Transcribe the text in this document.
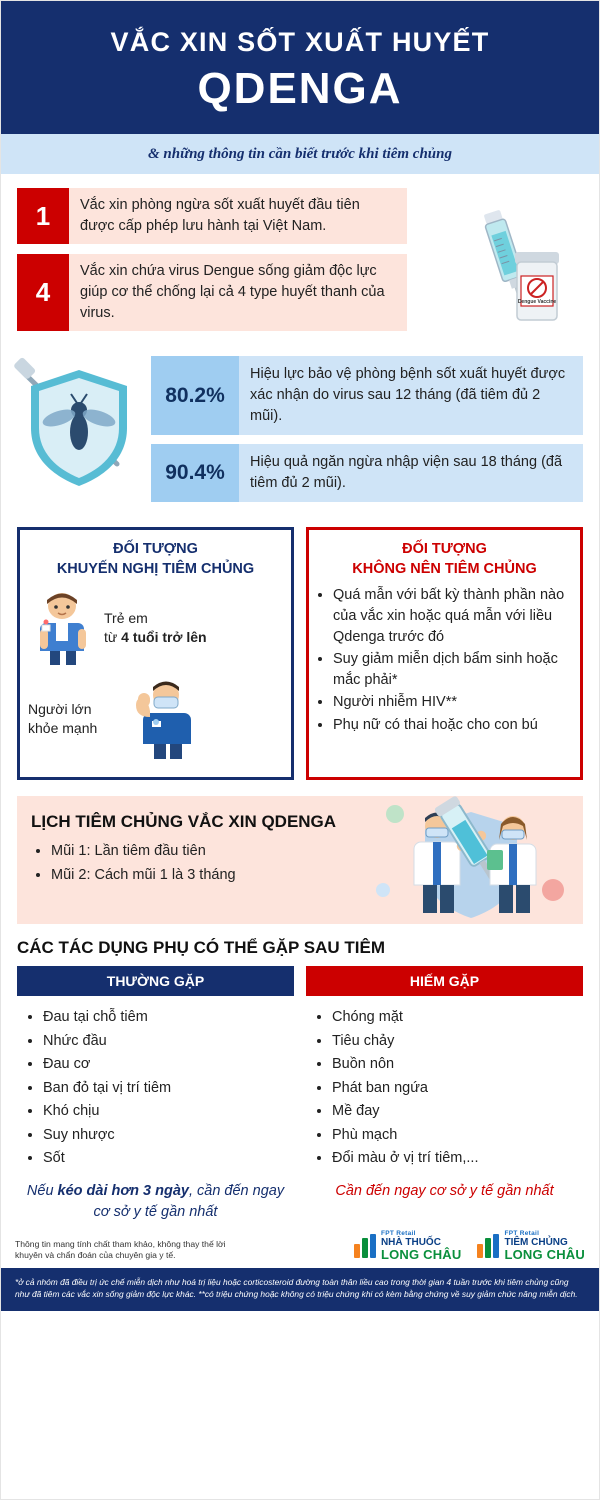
VẮC XIN SỐT XUẤT HUYẾT
QDENGA
& những thông tin cần biết trước khi tiêm chủng
1	Vắc xin phòng ngừa sốt xuất huyết đầu tiên được cấp phép lưu hành tại Việt Nam.
4
Vắc xin chứa virus Dengue sống giảm độc lực giúp cơ thể chống lại cả 4 type huyết thanh của virus.
Dengue Vaccine
80.2%
Hiệu lực bảo vệ phòng bệnh sốt xuất huyết được xác nhận do virus sau 12 tháng (đã tiêm đủ 2 mũi).
90.4%	Hiệu quả ngăn ngừa nhập viện sau 18 tháng (đã tiêm đủ 2 mũi).
ĐỐI TƯỢNG
KHUYẾN NGHỊ TIÊM CHỦNG
Trẻ em
từ 4 tuổi trở lên
Người lớn khỏe mạnh
ĐỐI TƯỢNG
KHÔNG NÊN TIÊM CHỦNG
• Quá mẫn với bất kỳ thành phần nào của vắc xin hoặc quá mẫn với liều Qdenga trước đó
• Suy giảm miễn dịch bẩm sinh hoặc mắc phải*
• Người nhiễm HIV**
• Phụ nữ có thai hoặc cho con bú
LỊCH TIÊM CHỦNG VẮC XIN QDENGA
• Mũi 1: Lần tiêm đầu tiên
• Mũi 2: Cách mũi 1 là 3 tháng
CÁC TÁC DỤNG PHỤ CÓ THỂ GẶP SAU TIÊM
THƯỜNG GẶP
• Đau tại chỗ tiêm
• Nhức đầu
• Đau cơ
• Ban đỏ tại vị trí tiêm
• Khó chịu
• Suy nhược
• Sốt
Nếu kéo dài hơn 3 ngày, cần đến ngay cơ sở y tế gần nhất
HIẾM GẶP
• Chóng mặt
• Tiêu chảy
• Buồn nôn
• Phát ban ngứa
• Mề đay
• Phù mạch
• Đổi màu ở vị trí tiêm,...
Cần đến ngay cơ sở y tế gần nhất
Thông tin mang tính chất tham khảo, không thay thế lời khuyên và chẩn đoán của chuyên gia y tế.
FPT Retail
NHÀ THUỐC
LONG CHÂU
FPT Retail
TIÊM CHỦNG
LONG CHÂU
*ở cả nhóm đã điều trị ức chế miễn dịch như hoá trị liệu hoặc corticosteroid đường toàn thân liều cao trong thời gian 4 tuần trước khi tiêm chủng cũng như đã tiêm các vắc xin sống giảm độc lực khác. **có triệu chứng hoặc không có triệu chứng khi có kèm bằng chứng về suy giảm chức năng miễn dịch.
